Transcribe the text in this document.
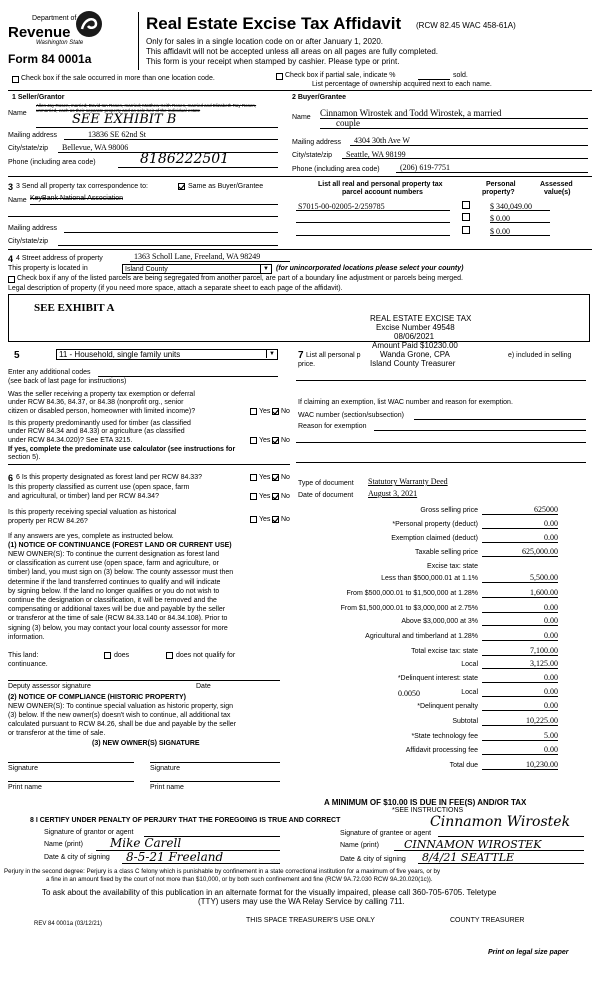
Department of
Revenue
Washington State
Form 84 0001a
Real Estate Excise Tax Affidavit (RCW 82.45 WAC 458-61A)
Only for sales in a single location code on or after January 1, 2020.
This affidavit will not be accepted unless all areas on all pages are fully completed.
This form is your receipt when stamped by cashier. Please type or print.
Check box if the sale occurred in more than one location code.	Check box if partial sale, indicate %	sold.
List percentage of ownership acquired next to each name.
1 Seller/Grantor
Name
Allen Jay Rosen, married; David Ian Rosen, married; Matthew Keith Rosen, married and Elizabeth Ray Rosen, unmarried, each as their separate property and as sole heir of the individual estate
SEE EXHIBIT B
Mailing address	13836 SE 62nd St
City/state/zip Bellevue, WA 98006
Phone (including area code)	8186222501
2 Buyer/Grantee
Name Cinnamon Wirostek and Todd Wirostek, a married
couple
Mailing address 4304 30th Ave W
City/state/zip Seattle, WA 98199
Phone (including area code)	(206) 619-7751
3 3 Send all property tax correspondence to:	Same as Buyer/Grantee
Name KeyBank National Association
Mailing address
City/state/zip
List all real and personal property tax
parcel account numbers
Personal
property?
Assessed
value(s)
S7015-00-02005-2/259785	$ 340,049.00
$ 0.00
$ 0.00
4 4 Street address of property	1363 Scholl Lane, Freeland, WA 98249
This property is located in	Island County	▼ (for unincorporated locations please select your county)
Check box if any of the listed parcels are being segregated from another parcel, are part of a boundary line adjustment or parcels being merged.
Legal description of property (if you need more space, attach a separate sheet to each page of the affidavit).
SEE EXHIBIT A
REAL ESTATE EXCISE TAX
Excise Number 49548
08/06/2021
Amount Paid $10230.00
Wanda Grone, CPA
Island County Treasurer
5	11 - Household, single family units	▼
Enter any additional codes
(see back of last page for instructions)
Was the seller receiving a property tax exemption or deferral
under RCW 84.36, 84.37, or 84.38 (nonprofit org., senior
citizen or disabled person, homeowner with limited income)?	Yes No
Is this property predominantly used for timber (as classified
under RCW 84.34 and 84.33) or agriculture (as classified
under RCW 84.34.020)? See ETA 3215.	Yes No
If yes, complete the predominate use calculator (see instructions for
section 5).
7 List all personal p	e) included in selling
price.
If claiming an exemption, list WAC number and reason for exemption.
WAC number (section/subsection)
Reason for exemption
6 6 Is this property designated as forest land per RCW 84.33?	Yes No
Is this property classified as current use (open space, farm
and agricultural, or timber) land per RCW 84.34?	Yes No
Is this property receiving special valuation as historical
property per RCW 84.26?	Yes No
If any answers are yes, complete as instructed below.
(1) NOTICE OF CONTINUANCE (FOREST LAND OR CURRENT USE)
NEW OWNER(S): To continue the current designation as forest land
or classification as current use (open space, farm and agriculture, or
timber) land, you must sign on (3) below. The county assessor must then
determine if the land transferred continues to qualify and will indicate
by signing below. If the land no longer qualifies or you do not wish to
continue the designation or classification, it will be removed and the
compensating or additional taxes will be due and payable by the seller
or transferor at the time of sale (RCW 84.33.140 or 84.34.108). Prior to
signing (3) below, you may contact your local county assessor for more
information.
This land:	does	does not qualify for
continuance.
Deputy assessor signature	Date
(2) NOTICE OF COMPLIANCE (HISTORIC PROPERTY)
NEW OWNER(S): To continue special valuation as historic property, sign
(3) below. If the new owner(s) doesn't wish to continue, all additional tax
calculated pursuant to RCW 84.26, shall be due and payable by the seller
or transferor at the time of sale.
(3) NEW OWNER(S) SIGNATURE
Signature	Signature
Print name	Print name
Type of document Statutory Warranty Deed
Date of document August 3, 2021
Gross selling price	625000
*Personal property (deduct)	0.00
Exemption claimed (deduct)	0.00
Taxable selling price	625,000.00
Excise tax: state
Less than $500,000.01 at 1.1%	5,500.00
From $500,000.01 to $1,500,000 at 1.28%	1,600.00
From $1,500,000.01 to $3,000,000 at 2.75%	0.00
Above $3,000,000 at 3%	0.00
Agricultural and timberland at 1.28%	0.00
Total excise tax: state	7,100.00
Local	3,125.00
*Delinquent interest: state	0.00
Local	0.00
*Delinquent penalty	0.00
Subtotal	10,225.00
*State technology fee	5.00
Affidavit processing fee	0.00
Total due	10,230.00
0.0050
A MINIMUM OF $10.00 IS DUE IN FEE(S) AND/OR TAX
*SEE INSTRUCTIONS
8 I CERTIFY UNDER PENALTY OF PERJURY THAT THE FOREGOING IS TRUE AND CORRECT
Signature of grantor or agent
Name (print) Mike Carell
Date & city of signing 8-5-21 Freeland
Signature of grantee or agent
Cinnamon Wirostek
Name (print) CINNAMON WIROSTEK
Date & city of signing 8/4/21 SEATTLE
Perjury in the second degree: Perjury is a class C felony which is punishable by confinement in a state correctional institution for a maximum of five years, or by
a fine in an amount fixed by the court of not more than $10,000, or by both such confinement and fine (RCW 9A.72.030 RCW 9A.20.020(1c)).
To ask about the availability of this publication in an alternate format for the visually impaired, please call 360-705-6705. Teletype
(TTY) users may use the WA Relay Service by calling 711.
REV 84 0001a (03/12/21)	THIS SPACE TREASURER'S USE ONLY	COUNTY TREASURER
Print on legal size paper
